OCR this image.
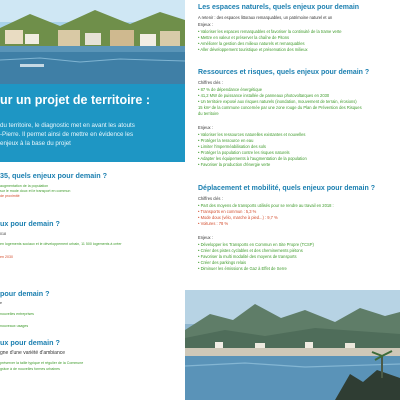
ur un projet de territoire :

du territoire, le diagnostic met en avant les atouts

-Pierre. Il permet ainsi de mettre en évidence les

enjeux à la base du projet

35, quels enjeux pour demain ?
augmentation de la population
sur le mode doux et le transport en commun
de proximité
ux pour demain ?
018
en logements sociaux et le développement urbain, 11 500 logements à créer
en 2030
pour demain ?
e
nouvelles entreprises
nouveaux usages
ux pour demain ?
gne d'une variété d'ambiance
préserver la taille typique et régulier de la Commune
grâce à de nouvelles formes urbaines
Les espaces naturels, quels enjeux pour demain
A retenir : des espaces littoraux remarquables, un patrimoine naturel et un
Enjeux :
• Valoriser les espaces remarquables et favoriser la continuité de la trame verte
• Mettre en valeur et préserver la chaîne de Pitons
• Améliorer la gestion des milieux naturels et remarquables
• Aller développement touristique et préservation des milieux
Ressources et risques, quels enjeux pour demain ?
Chiffres clés :
• 87 % de dépendance énergétique
• 41,2 MW de puissance installée de panneaux photovoltaïques en 2030
• Un territoire exposé aux risques naturels (inondation, mouvement de terrain, érosions)
15 km² de la commune concernée par une zone rouge du Plan de Prévention des Risques
du territoire
Enjeux :
• Valoriser les ressources naturelles existantes et nouvelles
• Protéger la ressource en eau
• Limiter l'imperméabilisation des sols
• Protéger la population contre les risques naturels
• Adapter les équipements à l'augmentation de la population
• Favoriser la production d'énergie verte
Déplacement et mobilité, quels enjeux pour demain ?
Chiffres clés :
• Part des moyens de transports utilisés pour se rendre au travail en 2018 :
• Transports en commun : 5,3 %
• Mode doux (vélo, marche à pied...) : 9,7 %
• Voitures : 78 %
Enjeux :
• Développer les Transports en Commun en Site Propre (TCSP)
• Créer des pistes cyclables et des cheminements piétons
• Favoriser la multi modalité des moyens de transports
• Créer des parkings relais
• Diminuer les émissions de Gaz à Effet de Serre
